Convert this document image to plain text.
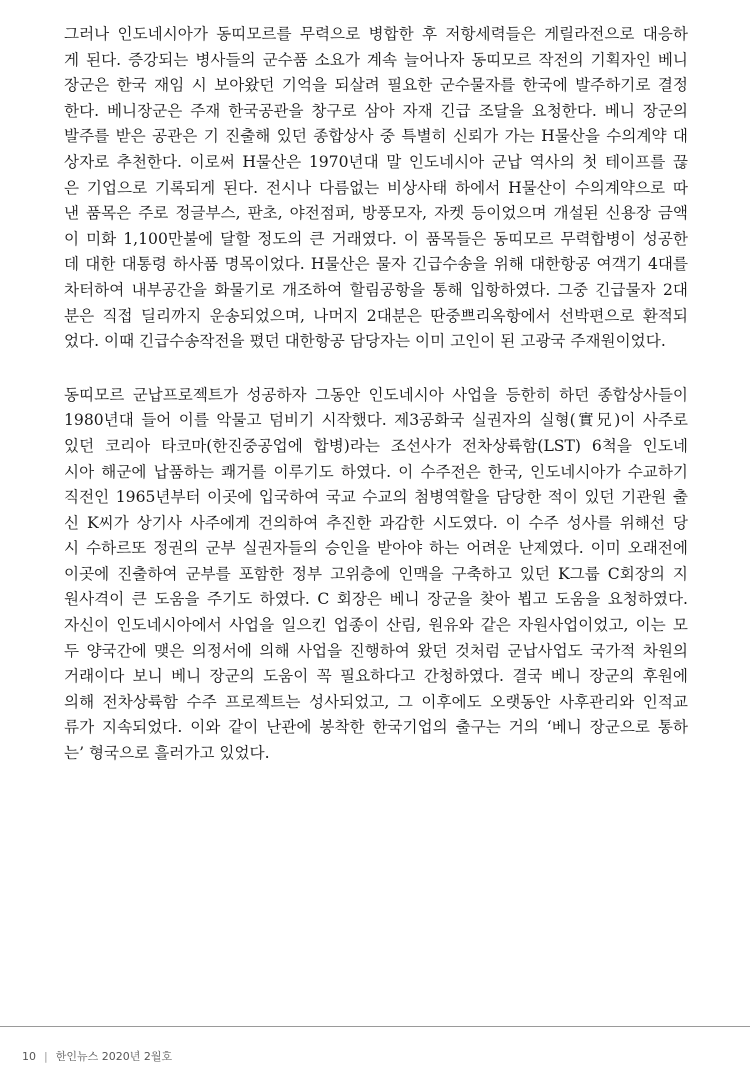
그러나 인도네시아가 동띠모르를 무력으로 병합한 후 저항세력들은 게릴라전으로 대응하
게 된다. 증강되는 병사들의 군수품 소요가 계속 늘어나자 동띠모르 작전의 기획자인 베니
장군은 한국 재임 시 보아왔던 기억을 되살려 필요한 군수물자를 한국에 발주하기로 결정
한다. 베니장군은 주재 한국공관을 창구로 삼아 자재 긴급 조달을 요청한다. 베니 장군의
발주를 받은 공관은 기 진출해 있던 종합상사 중 특별히 신뢰가 가는 H물산을 수의계약 대
상자로 추천한다. 이로써 H물산은 1970년대 말 인도네시아 군납 역사의 첫 테이프를 끊
은 기업으로 기록되게 된다. 전시나 다름없는 비상사태 하에서 H물산이 수의계약으로 따
낸 품목은 주로 정글부스, 판초, 야전점퍼, 방풍모자, 자켓 등이었으며 개설된 신용장 금액
이 미화 1,100만불에 달할 정도의 큰 거래였다. 이 품목들은 동띠모르 무력합병이 성공한
데 대한 대통령 하사품 명목이었다. H물산은 물자 긴급수송을 위해 대한항공 여객기 4대를
차터하여 내부공간을 화물기로 개조하여 할림공항을 통해 입항하였다. 그중 긴급물자 2대
분은 직접 딜리까지 운송되었으며, 나머지 2대분은 딴중쁘리옥항에서 선박편으로 환적되
었다. 이때 긴급수송작전을 폈던 대한항공 담당자는 이미 고인이 된 고광국 주재원이었다.
동띠모르 군납프로젝트가 성공하자 그동안 인도네시아 사업을 등한히 하던 종합상사들이
1980년대 들어 이를 악물고 덤비기 시작했다. 제3공화국 실권자의 실형(實兄)이 사주로
있던 코리아 타코마(한진중공업에 합병)라는 조선사가 전차상륙함(LST) 6척을 인도네
시아 해군에 납품하는 쾌거를 이루기도 하였다. 이 수주전은 한국, 인도네시아가 수교하기
직전인 1965년부터 이곳에 입국하여 국교 수교의 첨병역할을 담당한 적이 있던 기관원 출
신 K씨가 상기사 사주에게 건의하여 추진한 과감한 시도였다. 이 수주 성사를 위해선 당
시 수하르또 정권의 군부 실권자들의 승인을 받아야 하는 어려운 난제였다. 이미 오래전에
이곳에 진출하여 군부를 포함한 정부 고위층에 인맥을 구축하고 있던 K그룹 C회장의 지
원사격이 큰 도움을 주기도 하였다. C 회장은 베니 장군을 찾아 뵙고 도움을 요청하였다.
자신이 인도네시아에서 사업을 일으킨 업종이 산림, 원유와 같은 자원사업이었고, 이는 모
두 양국간에 맺은 의정서에 의해 사업을 진행하여 왔던 것처럼 군납사업도 국가적 차원의
거래이다 보니 베니 장군의 도움이 꼭 필요하다고 간청하였다. 결국 베니 장군의 후원에
의해 전차상륙함 수주 프로젝트는 성사되었고, 그 이후에도 오랫동안 사후관리와 인적교
류가 지속되었다. 이와 같이 난관에 봉착한 한국기업의 출구는 거의 ‘베니 장군으로 통하
는’ 형국으로 흘러가고 있었다.
10 | 한인뉴스 2020년 2월호
